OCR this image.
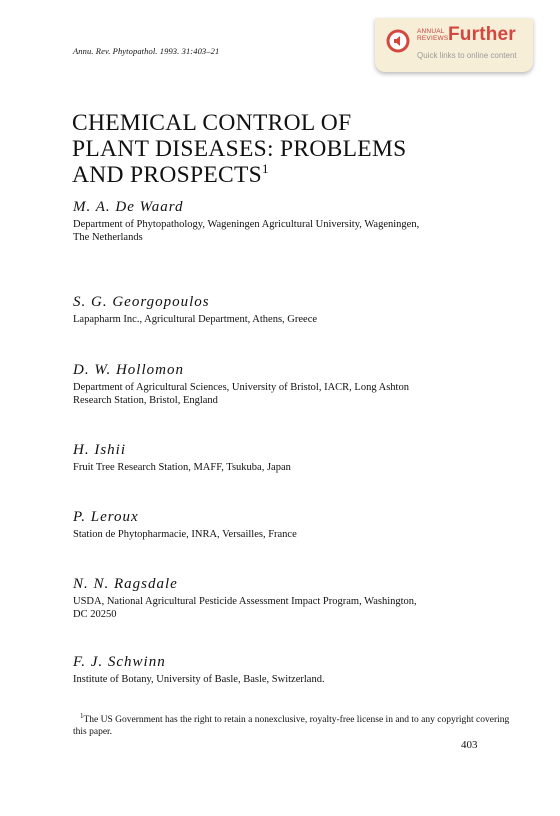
Annu. Rev. Phytopathol. 1993. 31:403–21
ANNUAL
REVIEWS Further
Quick links to online content
CHEMICAL CONTROL OF
PLANT DISEASES: PROBLEMS
AND PROSPECTS$^1$
M. A. De Waard
Department of Phytopathology, Wageningen Agricultural University, Wageningen,
The Netherlands
S. G. Georgopoulos
Lapapharm Inc., Agricultural Department, Athens, Greece
D. W. Hollomon
Department of Agricultural Sciences, University of Bristol, IACR, Long Ashton
Research Station, Bristol, England
H. Ishii
Fruit Tree Research Station, MAFF, Tsukuba, Japan
P. Leroux
Station de Phytopharmacie, INRA, Versailles, France
N. N. Ragsdale
USDA, National Agricultural Pesticide Assessment Impact Program, Washington,
DC 20250
F. J. Schwinn
Institute of Botany, University of Basle, Basle, Switzerland.
$^1$The US Government has the right to retain a nonexclusive, royalty-free license in and to any copyright covering this paper.
403
